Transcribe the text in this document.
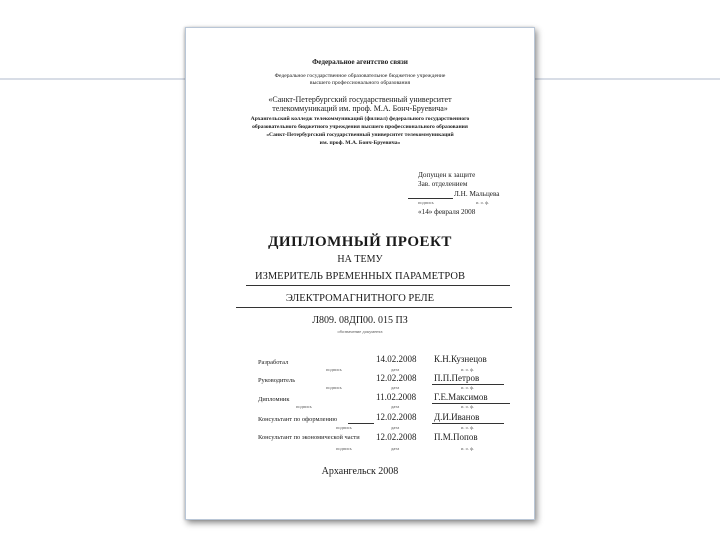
Федеральное агентство связи
Федеральное государственное образовательное бюджетное учреждение
высшего профессионального образования
«Санкт-Петербургский государственный университет
телекоммуникаций им. проф. М.А. Бонч-Бруевича»
Архангельский колледж телекоммуникаций (филиал) федерального государственного
образовательного бюджетного учреждения высшего профессионального образования
«Санкт-Петербургский государственный университет телекоммуникаций
им. проф. М.А. Бонч-Бруевича»
Допущен к защите
Зав. отделением
Л.Н. Мальцева
подпись	и. о. ф.
«14» февраля 2008
ДИПЛОМНЫЙ ПРОЕКТ
НА ТЕМУ
ИЗМЕРИТЕЛЬ ВРЕМЕННЫХ ПАРАМЕТРОВ
ЭЛЕКТРОМАГНИТНОГО РЕЛЕ
Л809. 08ДП00. 015 ПЗ
обозначение документа
Разработал
подпись
14.02.2008
дата
К.Н.Кузнецов
и. о. ф.
Руководитель
подпись
12.02.2008
дата
П.П.Петров
и. о. ф.
Дипломник
подпись
11.02.2008
дата
Г.Е.Максимов
и. о. ф.
Консультант по оформлению
подпись
12.02.2008
дата
Д.И.Иванов
и. о. ф.
Консультант по экономической части
подпись
12.02.2008
дата
П.М.Попов
и. о. ф.
Архангельск 2008
